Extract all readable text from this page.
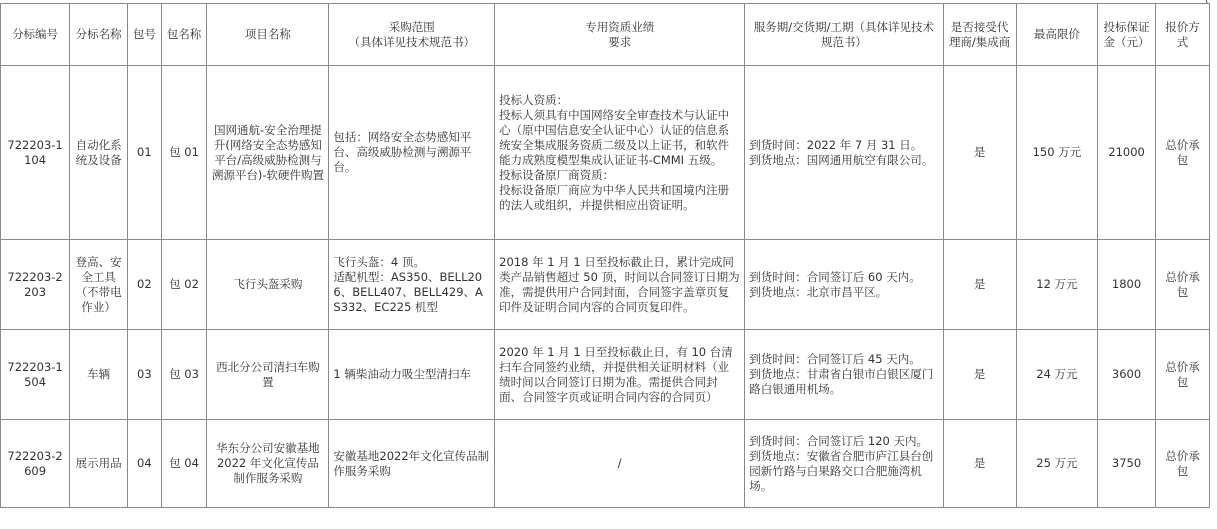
分标编号	分标名称	包号	包名称	项目名称	采购范围
（具体详见技术规范书）	专用资质业绩
要求	服务期/交货期/工期（具体详见技术规范书）	是否接受代理商/集成商	最高限价	投标保证金（元）	报价方式
722203-1104	自动化系统及设备	01	包 01	国网通航-安全治理提升(网络安全态势感知平台/高级威胁检测与溯源平台)-软硬件购置	包括：网络安全态势感知平台、高级威胁检测与溯源平台。	投标人资质：
投标人须具有中国网络安全审查技术与认证中心（原中国信息安全认证中心）认证的信息系统安全集成服务资质二级及以上证书，和软件能力成熟度模型集成认证证书-CMMI 五级。
投标设备原厂商资质：
投标设备原厂商应为中华人民共和国境内注册的法人或组织，并提供相应出资证明。	到货时间：2022 年 7 月 31 日。
到货地点：国网通用航空有限公司。	是	150 万元	21000	总价承包
722203-2203	登高、安全工具（不带电作业）	02	包 02	飞行头盔采购	飞行头盔：4 顶。
适配机型：AS350、BELL206、BELL407、BELL429、AS332、EC225 机型	2018 年 1 月 1 日至投标截止日，累计完成同类产品销售超过 50 顶，时间以合同签订日期为准，需提供用户合同封面，合同签字盖章页复印件及证明合同内容的合同页复印件。	到货时间：合同签订后 60 天内。
到货地点：北京市昌平区。	是	12 万元	1800	总价承包
722203-1504	车辆	03	包 03	西北分公司清扫车购置	1 辆柴油动力吸尘型清扫车	2020 年 1 月 1 日至投标截止日，有 10 台清扫车合同签约业绩，并提供相关证明材料（业绩时间以合同签订日期为准。需提供合同封面、合同签字页或证明合同内容的合同页）	到货时间：合同签订后 45 天内。
到货地点：甘肃省白银市白银区厦门路白银通用机场。	是	24 万元	3600	总价承包
722203-2609	展示用品	04	包 04	华东分公司安徽基地 2022 年文化宣传品制作服务采购	安徽基地2022年文化宣传品制作服务采购	/	到货时间：合同签订后 120 天内。
到货地点：安徽省合肥市庐江县台创园新竹路与白果路交口合肥施湾机场。	是	25 万元	3750	总价承包
